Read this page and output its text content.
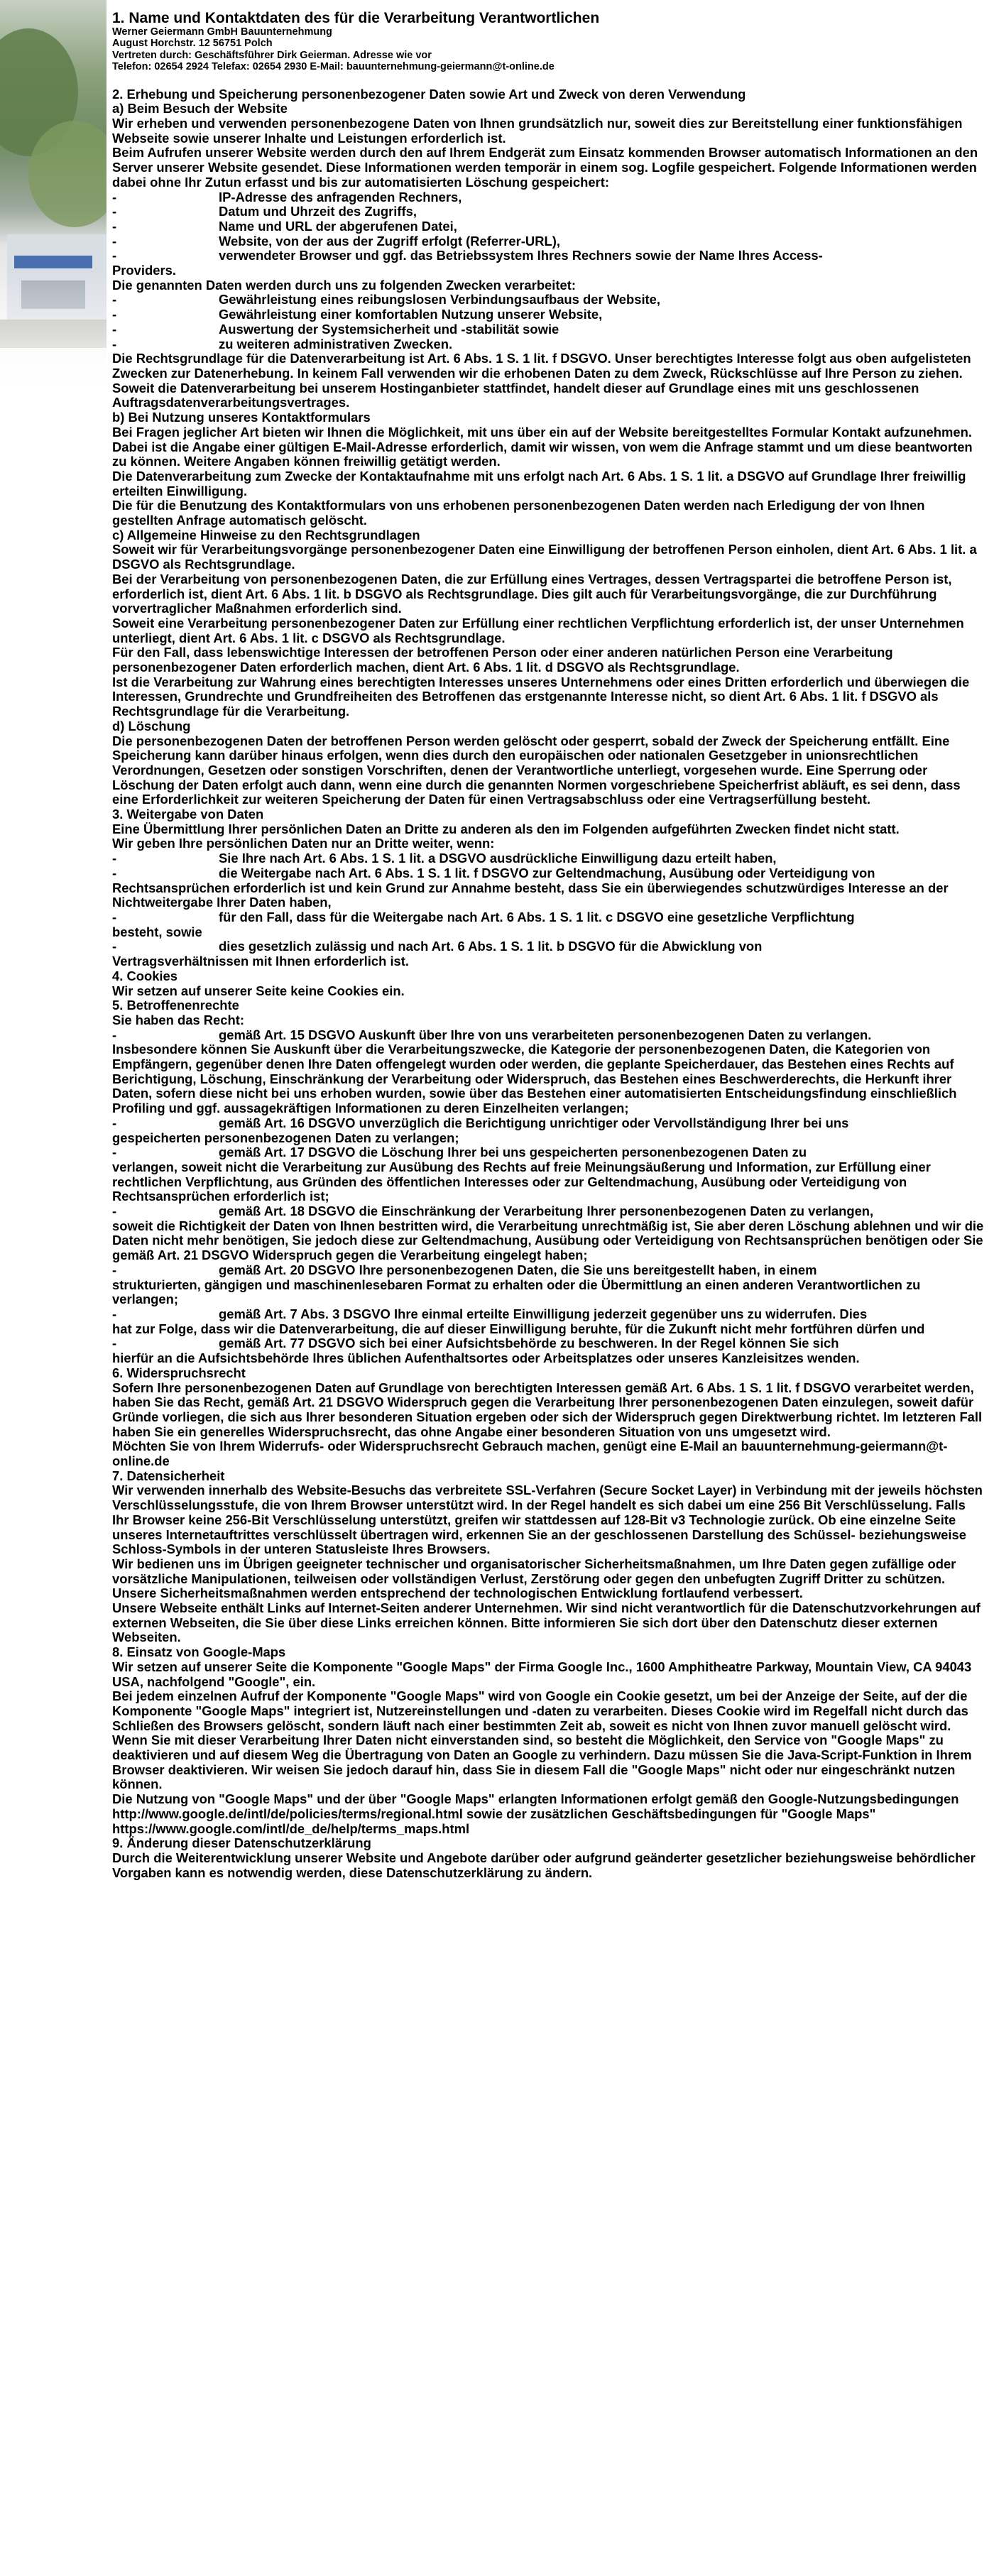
1. Name und Kontaktdaten des für die Verarbeitung Verantwortlichen

Werner Geiermann GmbH Bauunternehmung

August Horchstr. 12 56751 Polch

Vertreten durch: Geschäftsführer Dirk Geierman. Adresse wie vor

Telefon: 02654 2924 Telefax: 02654 2930 E-Mail: bauunternehmung-geiermann@t-online.de

2. Erhebung und Speicherung personenbezogener Daten sowie Art und Zweck von deren Verwendung

a) Beim Besuch der Website

Wir erheben und verwenden personenbezogene Daten von Ihnen grundsätzlich nur, soweit dies zur Bereitstellung einer funktionsfähigen Webseite sowie unserer Inhalte und Leistungen erforderlich ist.

Beim Aufrufen unserer Website werden durch den auf Ihrem Endgerät zum Einsatz kommenden Browser automatisch Informationen an den Server unserer Website gesendet. Diese Informationen werden temporär in einem sog. Logfile gespeichert. Folgende Informationen werden dabei ohne Ihr Zutun erfasst und bis zur automatisierten Löschung gespeichert:

-	IP-Adresse des anfragenden Rechners,
-	Datum und Uhrzeit des Zugriffs,
-	Name und URL der abgerufenen Datei,
-	Website, von der aus der Zugriff erfolgt (Referrer-URL),
-	verwendeter Browser und ggf. das Betriebssystem Ihres Rechners sowie der Name Ihres Access-

Providers.

Die genannten Daten werden durch uns zu folgenden Zwecken verarbeitet:

-	Gewährleistung eines reibungslosen Verbindungsaufbaus der Website,
-	Gewährleistung einer komfortablen Nutzung unserer Website,
-	Auswertung der Systemsicherheit und -stabilität sowie
-	zu weiteren administrativen Zwecken.

Die Rechtsgrundlage für die Datenverarbeitung ist Art. 6 Abs. 1 S. 1 lit. f DSGVO. Unser berechtigtes Interesse folgt aus oben aufgelisteten Zwecken zur Datenerhebung. In keinem Fall verwenden wir die erhobenen Daten zu dem Zweck, Rückschlüsse auf Ihre Person zu ziehen. Soweit die Datenverarbeitung bei unserem Hostinganbieter stattfindet, handelt dieser auf Grundlage eines mit uns geschlossenen Auftragsdatenverarbeitungsvertrages.

b) Bei Nutzung unseres Kontaktformulars

Bei Fragen jeglicher Art bieten wir Ihnen die Möglichkeit, mit uns über ein auf der Website bereitgestelltes Formular Kontakt aufzunehmen. Dabei ist die Angabe einer gültigen E-Mail-Adresse erforderlich, damit wir wissen, von wem die Anfrage stammt und um diese beantworten zu können. Weitere Angaben können freiwillig getätigt werden.

Die Datenverarbeitung zum Zwecke der Kontaktaufnahme mit uns erfolgt nach Art. 6 Abs. 1 S. 1 lit. a DSGVO auf Grundlage Ihrer freiwillig erteilten Einwilligung.

Die für die Benutzung des Kontaktformulars von uns erhobenen personenbezogenen Daten werden nach Erledigung der von Ihnen gestellten Anfrage automatisch gelöscht.

c) Allgemeine Hinweise zu den Rechtsgrundlagen

Soweit wir für Verarbeitungsvorgänge personenbezogener Daten eine Einwilligung der betroffenen Person einholen, dient Art. 6 Abs. 1 lit. a DSGVO als Rechtsgrundlage.

Bei der Verarbeitung von personenbezogenen Daten, die zur Erfüllung eines Vertrages, dessen Vertragspartei die betroffene Person ist, erforderlich ist, dient Art. 6 Abs. 1 lit. b DSGVO als Rechtsgrundlage. Dies gilt auch für Verarbeitungsvorgänge, die zur Durchführung vorvertraglicher Maßnahmen erforderlich sind.

Soweit eine Verarbeitung personenbezogener Daten zur Erfüllung einer rechtlichen Verpflichtung erforderlich ist, der unser Unternehmen unterliegt, dient Art. 6 Abs. 1 lit. c DSGVO als Rechtsgrundlage.

Für den Fall, dass lebenswichtige Interessen der betroffenen Person oder einer anderen natürlichen Person eine Verarbeitung personenbezogener Daten erforderlich machen, dient Art. 6 Abs. 1 lit. d DSGVO als Rechtsgrundlage.

Ist die Verarbeitung zur Wahrung eines berechtigten Interesses unseres Unternehmens oder eines Dritten erforderlich und überwiegen die Interessen, Grundrechte und Grundfreiheiten des Betroffenen das erstgenannte Interesse nicht, so dient Art. 6 Abs. 1 lit. f DSGVO als Rechtsgrundlage für die Verarbeitung.

d) Löschung

Die personenbezogenen Daten der betroffenen Person werden gelöscht oder gesperrt, sobald der Zweck der Speicherung entfällt. Eine Speicherung kann darüber hinaus erfolgen, wenn dies durch den europäischen oder nationalen Gesetzgeber in unionsrechtlichen Verordnungen, Gesetzen oder sonstigen Vorschriften, denen der Verantwortliche unterliegt, vorgesehen wurde. Eine Sperrung oder Löschung der Daten erfolgt auch dann, wenn eine durch die genannten Normen vorgeschriebene Speicherfrist abläuft, es sei denn, dass eine Erforderlichkeit zur weiteren Speicherung der Daten für einen Vertragsabschluss oder eine Vertragserfüllung besteht.

3. Weitergabe von Daten

Eine Übermittlung Ihrer persönlichen Daten an Dritte zu anderen als den im Folgenden aufgeführten Zwecken findet nicht statt.

Wir geben Ihre persönlichen Daten nur an Dritte weiter, wenn:

-	Sie Ihre nach Art. 6 Abs. 1 S. 1 lit. a DSGVO ausdrückliche Einwilligung dazu erteilt haben,
-	die Weitergabe nach Art. 6 Abs. 1 S. 1 lit. f DSGVO zur Geltendmachung, Ausübung oder Verteidigung von

Rechtsansprüchen erforderlich ist und kein Grund zur Annahme besteht, dass Sie ein überwiegendes schutzwürdiges Interesse an der Nichtweitergabe Ihrer Daten haben,

-	für den Fall, dass für die Weitergabe nach Art. 6 Abs. 1 S. 1 lit. c DSGVO eine gesetzliche Verpflichtung

besteht, sowie

-	dies gesetzlich zulässig und nach Art. 6 Abs. 1 S. 1 lit. b DSGVO für die Abwicklung von

Vertragsverhältnissen mit Ihnen erforderlich ist.

4. Cookies

Wir setzen auf unserer Seite keine Cookies ein.

5. Betroffenenrechte

Sie haben das Recht:

-	gemäß Art. 15 DSGVO Auskunft über Ihre von uns verarbeiteten personenbezogenen Daten zu verlangen.

Insbesondere können Sie Auskunft über die Verarbeitungszwecke, die Kategorie der personenbezogenen Daten, die Kategorien von Empfängern, gegenüber denen Ihre Daten offengelegt wurden oder werden, die geplante Speicherdauer, das Bestehen eines Rechts auf Berichtigung, Löschung, Einschränkung der Verarbeitung oder Widerspruch, das Bestehen eines Beschwerderechts, die Herkunft ihrer Daten, sofern diese nicht bei uns erhoben wurden, sowie über das Bestehen einer automatisierten Entscheidungsfindung einschließlich Profiling und ggf. aussagekräftigen Informationen zu deren Einzelheiten verlangen;

-	gemäß Art. 16 DSGVO unverzüglich die Berichtigung unrichtiger oder Vervollständigung Ihrer bei uns

gespeicherten personenbezogenen Daten zu verlangen;

-	gemäß Art. 17 DSGVO die Löschung Ihrer bei uns gespeicherten personenbezogenen Daten zu

verlangen, soweit nicht die Verarbeitung zur Ausübung des Rechts auf freie Meinungsäußerung und Information, zur Erfüllung einer rechtlichen Verpflichtung, aus Gründen des öffentlichen Interesses oder zur Geltendmachung, Ausübung oder Verteidigung von Rechtsansprüchen erforderlich ist;

-	gemäß Art. 18 DSGVO die Einschränkung der Verarbeitung Ihrer personenbezogenen Daten zu verlangen,

soweit die Richtigkeit der Daten von Ihnen bestritten wird, die Verarbeitung unrechtmäßig ist, Sie aber deren Löschung ablehnen und wir die Daten nicht mehr benötigen, Sie jedoch diese zur Geltendmachung, Ausübung oder Verteidigung von Rechtsansprüchen benötigen oder Sie gemäß Art. 21 DSGVO Widerspruch gegen die Verarbeitung eingelegt haben;

-	gemäß Art. 20 DSGVO Ihre personenbezogenen Daten, die Sie uns bereitgestellt haben, in einem

strukturierten, gängigen und maschinenlesebaren Format zu erhalten oder die Übermittlung an einen anderen Verantwortlichen zu verlangen;

-	gemäß Art. 7 Abs. 3 DSGVO Ihre einmal erteilte Einwilligung jederzeit gegenüber uns zu widerrufen. Dies

hat zur Folge, dass wir die Datenverarbeitung, die auf dieser Einwilligung beruhte, für die Zukunft nicht mehr fortführen dürfen und

-	gemäß Art. 77 DSGVO sich bei einer Aufsichtsbehörde zu beschweren. In der Regel können Sie sich

hierfür an die Aufsichtsbehörde Ihres üblichen Aufenthaltsortes oder Arbeitsplatzes oder unseres Kanzleisitzes wenden.

6. Widerspruchsrecht

Sofern Ihre personenbezogenen Daten auf Grundlage von berechtigten Interessen gemäß Art. 6 Abs. 1 S. 1 lit. f DSGVO verarbeitet werden, haben Sie das Recht, gemäß Art. 21 DSGVO Widerspruch gegen die Verarbeitung Ihrer personenbezogenen Daten einzulegen, soweit dafür Gründe vorliegen, die sich aus Ihrer besonderen Situation ergeben oder sich der Widerspruch gegen Direktwerbung richtet. Im letzteren Fall haben Sie ein generelles Widerspruchsrecht, das ohne Angabe einer besonderen Situation von uns umgesetzt wird.

Möchten Sie von Ihrem Widerrufs- oder Widerspruchsrecht Gebrauch machen, genügt eine E-Mail an bauunternehmung-geiermann@t-online.de

7. Datensicherheit

Wir verwenden innerhalb des Website-Besuchs das verbreitete SSL-Verfahren (Secure Socket Layer) in Verbindung mit der jeweils höchsten Verschlüsselungsstufe, die von Ihrem Browser unterstützt wird. In der Regel handelt es sich dabei um eine 256 Bit Verschlüsselung. Falls Ihr Browser keine 256-Bit Verschlüsselung unterstützt, greifen wir stattdessen auf 128-Bit v3 Technologie zurück. Ob eine einzelne Seite unseres Internetauftrittes verschlüsselt übertragen wird, erkennen Sie an der geschlossenen Darstellung des Schüssel- beziehungsweise Schloss-Symbols in der unteren Statusleiste Ihres Browsers.

Wir bedienen uns im Übrigen geeigneter technischer und organisatorischer Sicherheitsmaßnahmen, um Ihre Daten gegen zufällige oder vorsätzliche Manipulationen, teilweisen oder vollständigen Verlust, Zerstörung oder gegen den unbefugten Zugriff Dritter zu schützen. Unsere Sicherheitsmaßnahmen werden entsprechend der technologischen Entwicklung fortlaufend verbessert.

Unsere Webseite enthält Links auf Internet-Seiten anderer Unternehmen. Wir sind nicht verantwortlich für die Datenschutzvorkehrungen auf externen Webseiten, die Sie über diese Links erreichen können. Bitte informieren Sie sich dort über den Datenschutz dieser externen Webseiten.

8. Einsatz von Google-Maps

Wir setzen auf unserer Seite die Komponente "Google Maps" der Firma Google Inc., 1600 Amphitheatre Parkway, Mountain View, CA 94043 USA, nachfolgend "Google", ein.

Bei jedem einzelnen Aufruf der Komponente "Google Maps" wird von Google ein Cookie gesetzt, um bei der Anzeige der Seite, auf der die Komponente "Google Maps" integriert ist, Nutzereinstellungen und -daten zu verarbeiten. Dieses Cookie wird im Regelfall nicht durch das Schließen des Browsers gelöscht, sondern läuft nach einer bestimmten Zeit ab, soweit es nicht von Ihnen zuvor manuell gelöscht wird.

Wenn Sie mit dieser Verarbeitung Ihrer Daten nicht einverstanden sind, so besteht die Möglichkeit, den Service von "Google Maps" zu deaktivieren und auf diesem Weg die Übertragung von Daten an Google zu verhindern. Dazu müssen Sie die Java-Script-Funktion in Ihrem Browser deaktivieren. Wir weisen Sie jedoch darauf hin, dass Sie in diesem Fall die "Google Maps" nicht oder nur eingeschränkt nutzen können.

Die Nutzung von "Google Maps" und der über "Google Maps" erlangten Informationen erfolgt gemäß den Google-Nutzungsbedingungen http://www.google.de/intl/de/policies/terms/regional.html sowie der zusätzlichen Geschäftsbedingungen für "Google Maps" https://www.google.com/intl/de_de/help/terms_maps.html

9. Änderung dieser Datenschutzerklärung

Durch die Weiterentwicklung unserer Website und Angebote darüber oder aufgrund geänderter gesetzlicher beziehungsweise behördlicher Vorgaben kann es notwendig werden, diese Datenschutzerklärung zu ändern.
